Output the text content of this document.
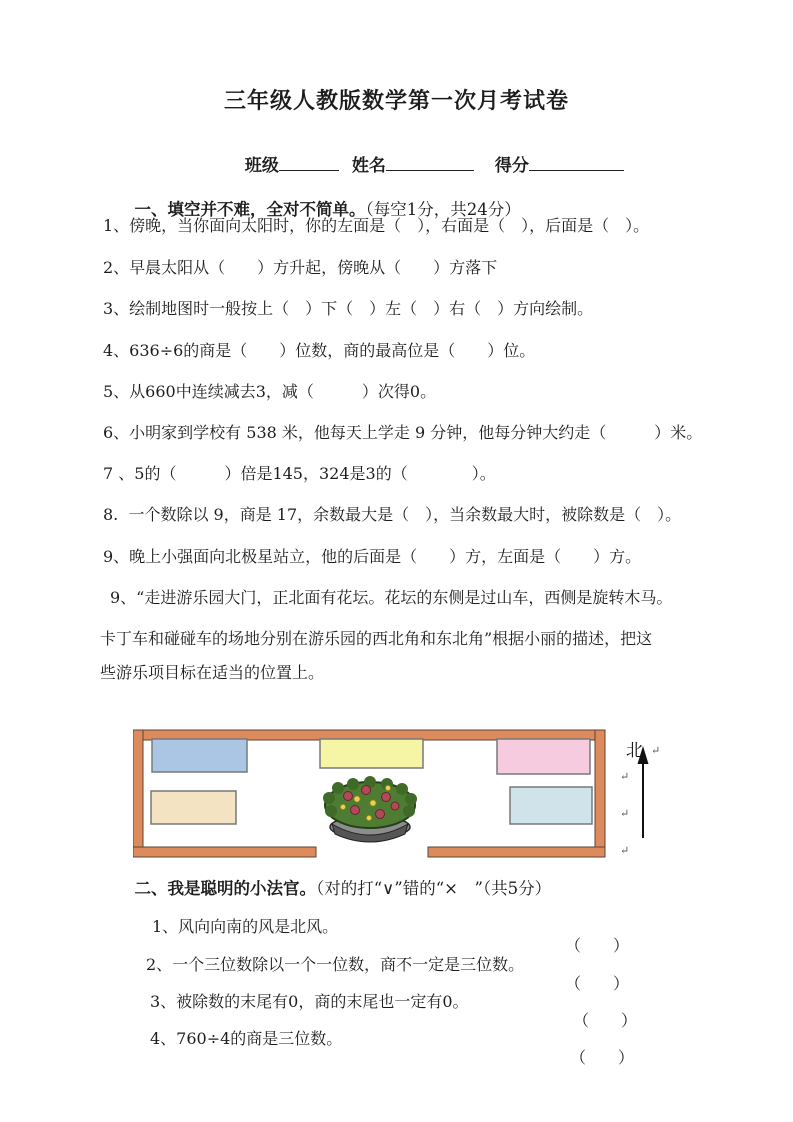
三年级人教版数学第一次月考试卷

班级	姓名	得分

一、填空并不难，全对不简单。（每空1分，共24分）

1、傍晚，当你面向太阳时，你的左面是（　），右面是（　），后面是（　）。
2、早晨太阳从（　　）方升起，傍晚从（　　）方落下
3、绘制地图时一般按上（　）下（　）左（　）右（　）方向绘制。
4、636÷6的商是（　　）位数，商的最高位是（　　）位。
5、从660中连续减去3，减（　　　）次得0。
6、小明家到学校有 538 米，他每天上学走 9 分钟，他每分钟大约走（　　　）米。
7 、5的（　　　）倍是145，324是3的（　　　　）。
8.  一个数除以 9，商是 17，余数最大是（　），当余数最大时，被除数是（　）。
9、晚上小强面向北极星站立，他的后面是（　　）方，左面是（　　）方。
9、“走进游乐园大门，正北面有花坛。花坛的东侧是过山车，西侧是旋转木马。
卡丁车和碰碰车的场地分别在游乐园的西北角和东北角”根据小丽的描述，把这
些游乐项目标在适当的位置上。

北 ↵
↵
↵
↵

二、我是聪明的小法官。（对的打“∨”错的“×　”（共5分）

1、风向向南的风是北风。

（　　）

2、一个三位数除以一个一位数，商不一定是三位数。

（　　）

3、被除数的末尾有0，商的末尾也一定有0。

（　　）

4、760÷4的商是三位数。

（　　）
